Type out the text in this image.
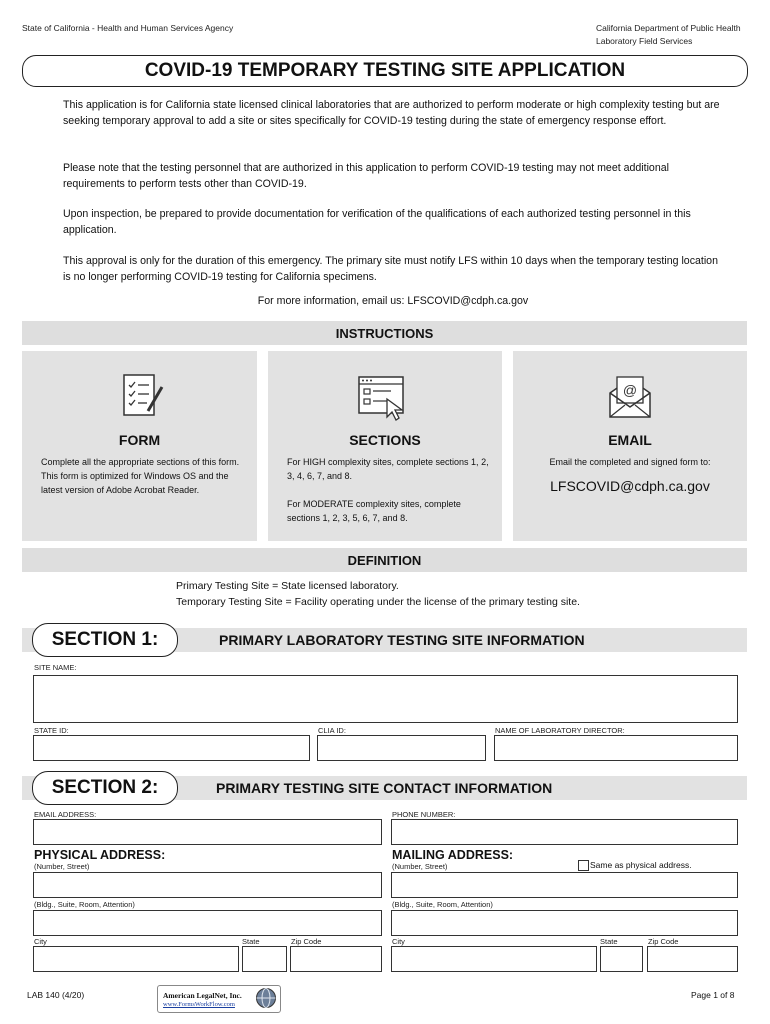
State of California - Health and Human Services Agency	California Department of Public Health
Laboratory Field Services
COVID-19 TEMPORARY TESTING SITE APPLICATION
This application is for California state licensed clinical laboratories that are authorized to perform moderate or high complexity testing but are seeking temporary approval to add a site or sites specifically for COVID-19 testing during the state of emergency response effort.
Please note that the testing personnel that are authorized in this application to perform COVID-19 testing may not meet additional requirements to perform tests other than COVID-19.
Upon inspection, be prepared to provide documentation for verification of the qualifications of each authorized testing personnel in this application.
This approval is only for the duration of this emergency. The primary site must notify LFS within 10 days when the temporary testing location is no longer performing COVID-19 testing for California specimens.
For more information, email us: LFSCOVID@cdph.ca.gov
INSTRUCTIONS
FORM
Complete all the appropriate sections of this form. This form is optimized for Windows OS and the latest version of Adobe Acrobat Reader.
SECTIONS
For HIGH complexity sites, complete sections 1, 2, 3, 4, 6, 7, and 8.
For MODERATE complexity sites, complete sections 1, 2, 3, 5, 6, 7, and 8.
@
EMAIL
Email the completed and signed form to:
LFSCOVID@cdph.ca.gov
DEFINITION
Primary Testing Site = State licensed laboratory.
Temporary Testing Site = Facility operating under the license of the primary testing site.
SECTION 1:	PRIMARY LABORATORY TESTING SITE INFORMATION
SITE NAME:
STATE ID:	CLIA ID:	NAME OF LABORATORY DIRECTOR:
SECTION 2:	PRIMARY TESTING SITE CONTACT INFORMATION
EMAIL ADDRESS:	PHONE NUMBER:
PHYSICAL ADDRESS:
(Number, Street)
MAILING ADDRESS:
(Number, Street)	Same as physical address.
(Bldg., Suite, Room, Attention)	(Bldg., Suite, Room, Attention)
City	State	Zip Code	City	State	Zip Code
LAB 140 (4/20)	American LegalNet, Inc.
www.FormsWorkFlow.com
Page 1 of 8
